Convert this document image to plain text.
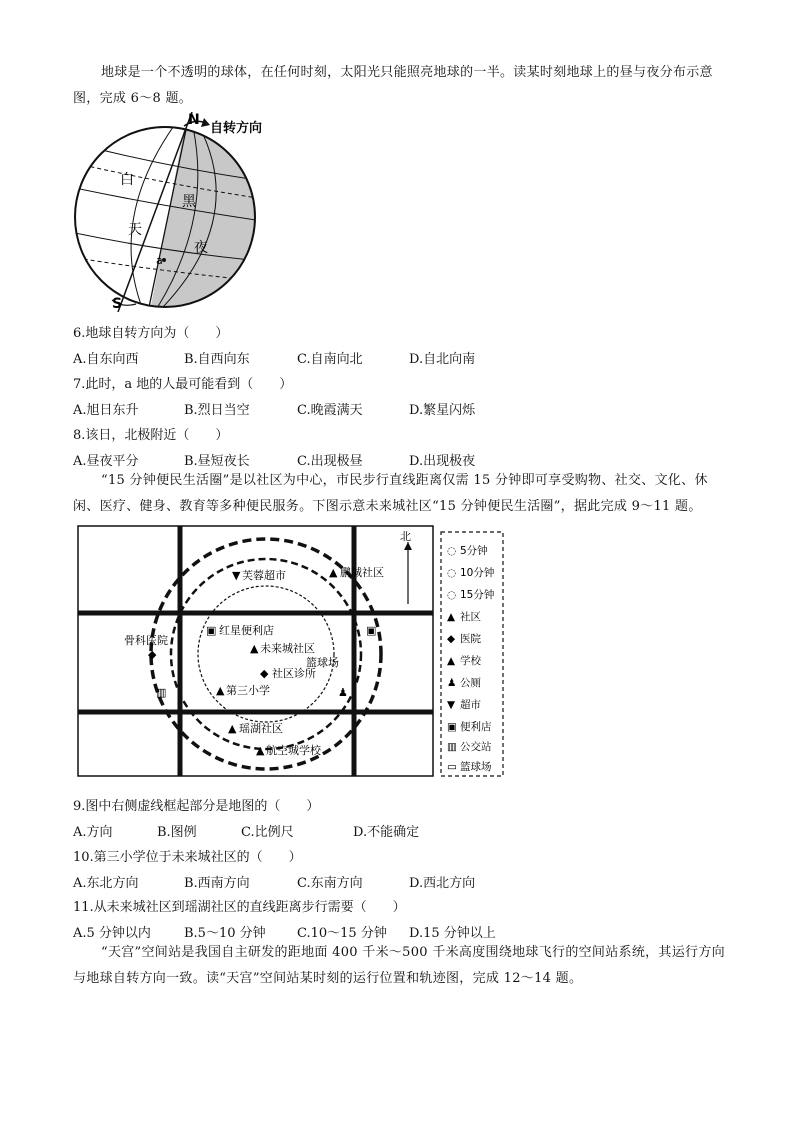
地球是一个不透明的球体，在任何时刻，太阳光只能照亮地球的一半。读某时刻地球上的昼与夜分布示意图，完成 6～8 题。
N
自转方向
S
白
天
黑
夜
a
6.地球自转方向为（　　）
A.自东向西	B.自西向东	C.自南向北	D.自北向南
7.此时，a 地的人最可能看到（　　）
A.旭日东升	B.烈日当空	C.晚霞满天	D.繁星闪烁
8.该日，北极附近（　　）
A.昼夜平分	B.昼短夜长	C.出现极昼	D.出现极夜
“15 分钟便民生活圈”是以社区为中心，市民步行直线距离仅需 15 分钟即可享受购物、社交、文化、休闲、医疗、健身、教育等多种便民服务。下图示意未来城社区“15 分钟便民生活圈”，据此完成 9～11 题。
北
▼ 芙蓉超市	▲ 鹏城社区
▣ 红星便利店
▲ 未来城社区
骨科医院
◆
◆ 社区诊所
篮球场
▲ 第三小学
▲ 瑶湖社区
▲ 航空城学校
▣
♟
▥
◌ 5分钟
◌ 10分钟
◌ 15分钟
▲ 社区
◆ 医院
▲ 学校
♟ 公厕
▼ 超市
▣ 便利店
▥ 公交站
▭ 篮球场
9.图中右侧虚线框起部分是地图的（　　）
A.方向	B.图例	C.比例尺	D.不能确定
10.第三小学位于未来城社区的（　　）
A.东北方向	B.西南方向	C.东南方向	D.西北方向
11.从未来城社区到瑶湖社区的直线距离步行需要（　　）
A.5 分钟以内	B.5～10 分钟 C.10～15 分钟 D.15 分钟以上
“天宫”空间站是我国自主研发的距地面 400 千米～500 千米高度围绕地球飞行的空间站系统，其运行方向与地球自转方向一致。读“天宫”空间站某时刻的运行位置和轨迹图，完成 12～14 题。
